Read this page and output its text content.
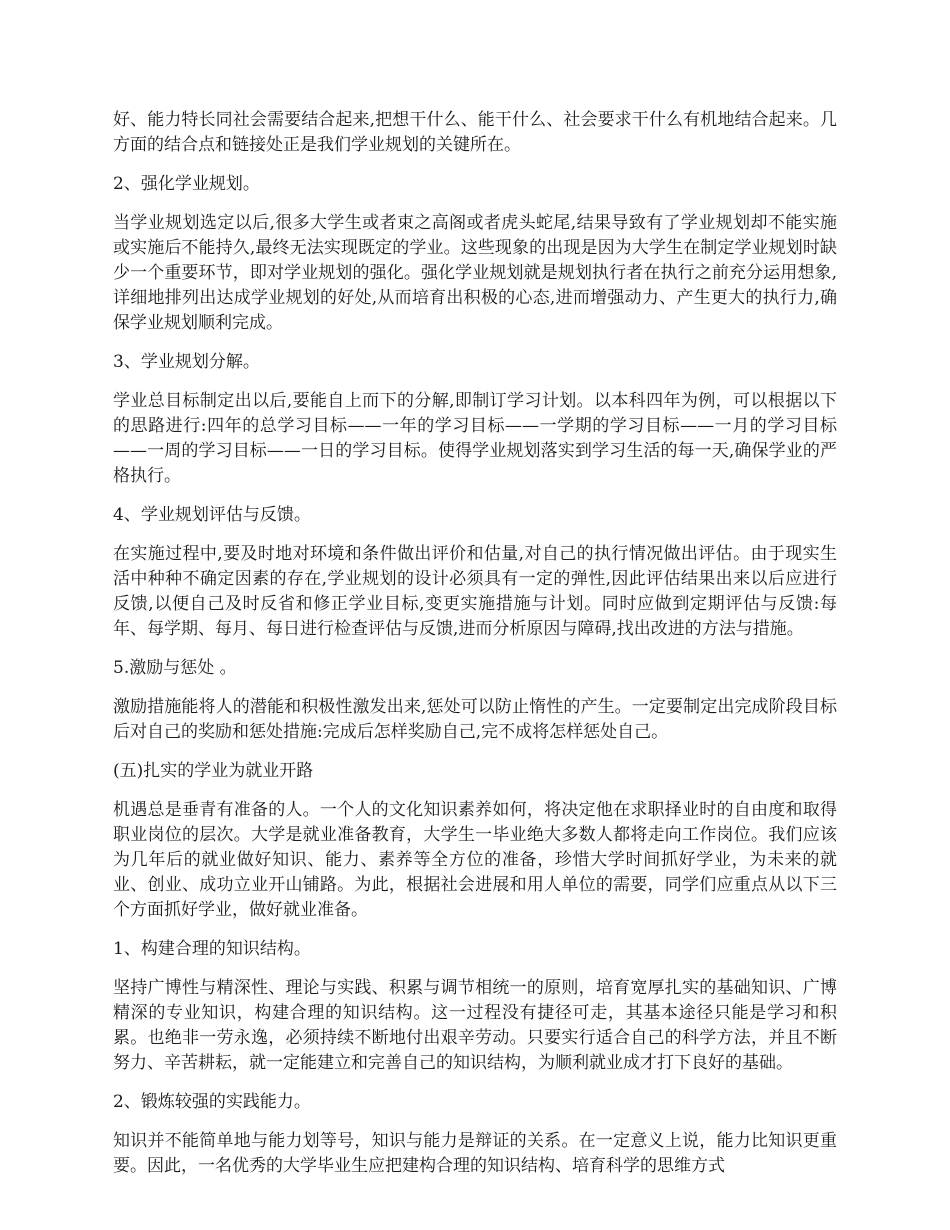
好、能力特长同社会需要结合起来,把想干什么、能干什么、社会要求干什么有机地结合起来。几方面的结合点和链接处正是我们学业规划的关键所在。

2、强化学业规划。

当学业规划选定以后,很多大学生或者束之高阁或者虎头蛇尾,结果导致有了学业规划却不能实施或实施后不能持久,最终无法实现既定的学业。这些现象的出现是因为大学生在制定学业规划时缺少一个重要环节，即对学业规划的强化。强化学业规划就是规划执行者在执行之前充分运用想象,详细地排列出达成学业规划的好处,从而培育出积极的心态,进而增强动力、产生更大的执行力,确保学业规划顺利完成。

3、学业规划分解。

学业总目标制定出以后,要能自上而下的分解,即制订学习计划。以本科四年为例，可以根据以下的思路进行:四年的总学习目标——一年的学习目标——一学期的学习目标——一月的学习目标——一周的学习目标——一日的学习目标。使得学业规划落实到学习生活的每一天,确保学业的严格执行。

4、学业规划评估与反馈。

在实施过程中,要及时地对环境和条件做出评价和估量,对自己的执行情况做出评估。由于现实生活中种种不确定因素的存在,学业规划的设计必须具有一定的弹性,因此评估结果出来以后应进行反馈,以便自己及时反省和修正学业目标,变更实施措施与计划。同时应做到定期评估与反馈:每年、每学期、每月、每日进行检查评估与反馈,进而分析原因与障碍,找出改进的方法与措施。

5.激励与惩处 。

激励措施能将人的潜能和积极性激发出来,惩处可以防止惰性的产生。一定要制定出完成阶段目标后对自己的奖励和惩处措施:完成后怎样奖励自己,完不成将怎样惩处自己。

(五)扎实的学业为就业开路

机遇总是垂青有准备的人。一个人的文化知识素养如何，将决定他在求职择业时的自由度和取得职业岗位的层次。大学是就业准备教育，大学生一毕业绝大多数人都将走向工作岗位。我们应该为几年后的就业做好知识、能力、素养等全方位的准备，珍惜大学时间抓好学业，为未来的就业、创业、成功立业开山铺路。为此，根据社会进展和用人单位的需要，同学们应重点从以下三个方面抓好学业，做好就业准备。

1、构建合理的知识结构。

坚持广博性与精深性、理论与实践、积累与调节相统一的原则，培育宽厚扎实的基础知识、广博精深的专业知识，构建合理的知识结构。这一过程没有捷径可走，其基本途径只能是学习和积累。也绝非一劳永逸，必须持续不断地付出艰辛劳动。只要实行适合自己的科学方法，并且不断努力、辛苦耕耘，就一定能建立和完善自己的知识结构，为顺利就业成才打下良好的基础。

2、锻炼较强的实践能力。

知识并不能简单地与能力划等号，知识与能力是辩证的关系。在一定意义上说，能力比知识更重要。因此，一名优秀的大学毕业生应把建构合理的知识结构、培育科学的思维方式
